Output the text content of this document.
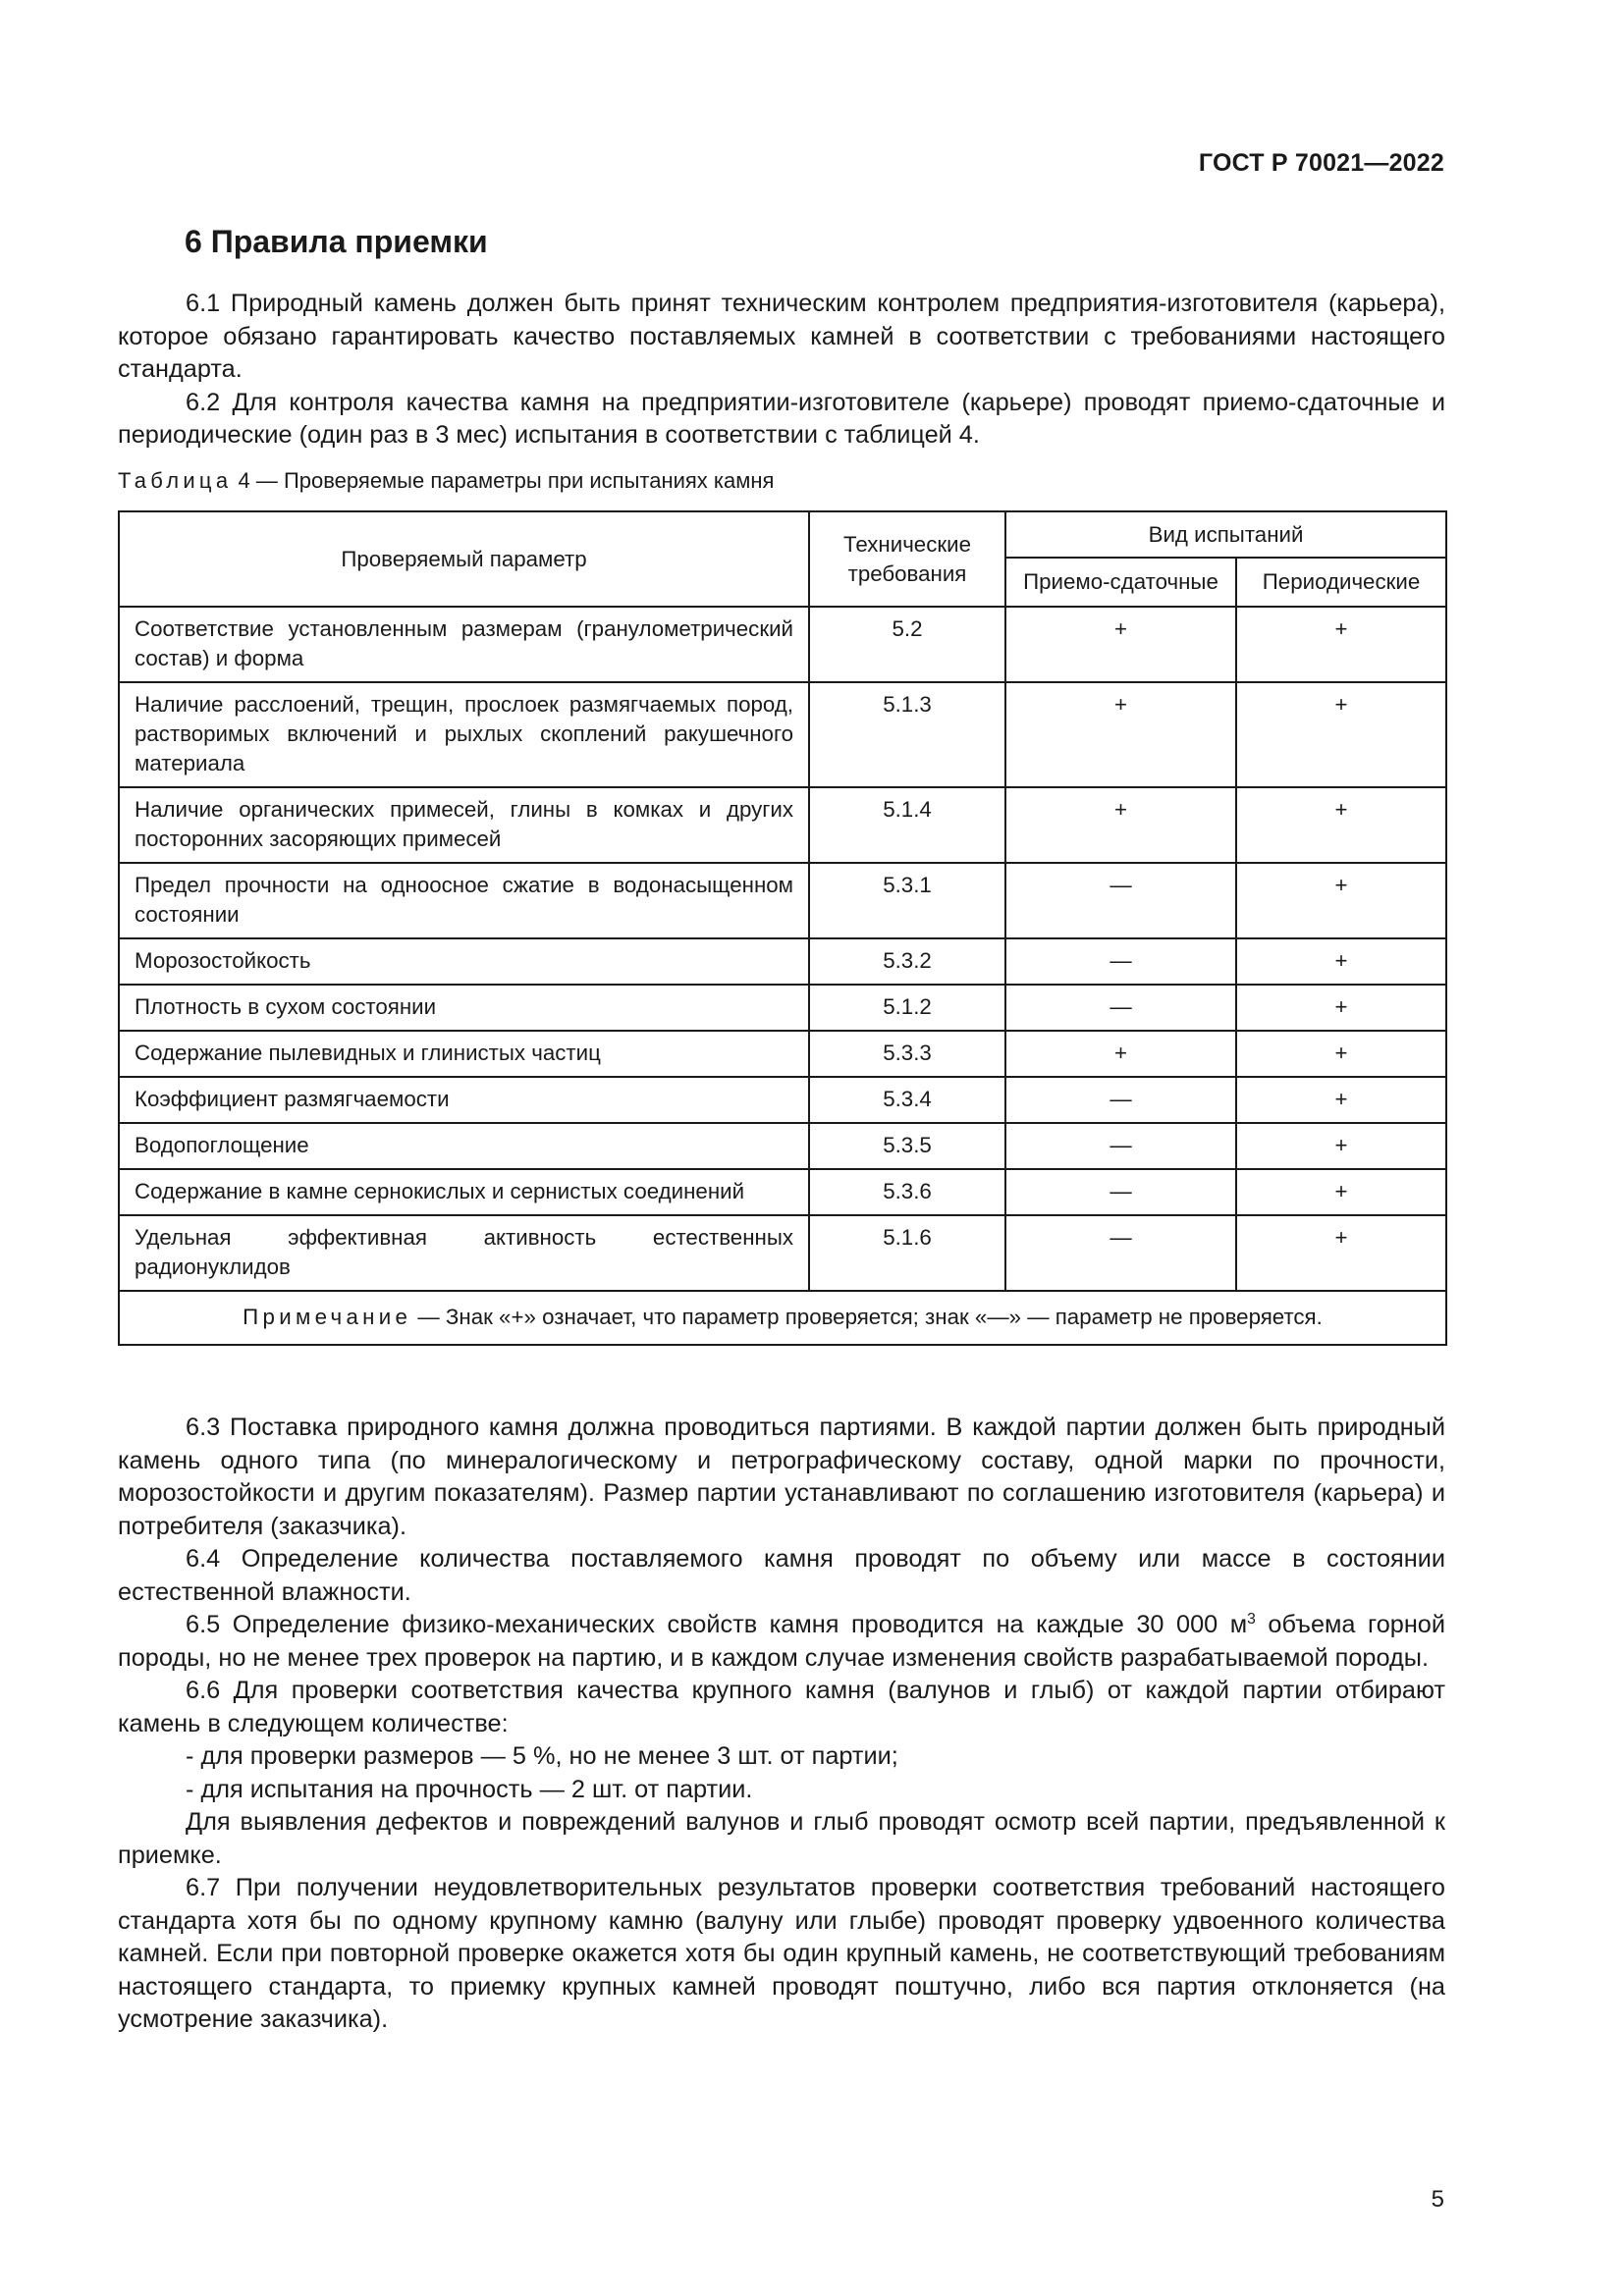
ГОСТ Р 70021—2022
6 Правила приемки

6.1 Природный камень должен быть принят техническим контролем предприятия-изготовителя (карьера), которое обязано гарантировать качество поставляемых камней в соответствии с требованиями настоящего стандарта.

6.2 Для контроля качества камня на предприятии-изготовителе (карьере) проводят приемо-сдаточные и периодические (один раз в 3 мес) испытания в соответствии с таблицей 4.

Таблица 4 — Проверяемые параметры при испытаниях камня
Проверяемый параметр	Технические требования	Вид испытаний	
		Приемо-сдаточные	Периодические
Соответствие установленным размерам (гранулометрический состав) и форма	5.2	+	+
Наличие расслоений, трещин, прослоек размягчаемых пород, растворимых включений и рыхлых скоплений ракушечного материала	5.1.3	+	+
Наличие органических примесей, глины в комках и других посторонних засоряющих примесей	5.1.4	+	+
Предел прочности на одноосное сжатие в водонасыщенном состоянии	5.3.1	—	+
Морозостойкость	5.3.2	—	+
Плотность в сухом состоянии	5.1.2	—	+
Содержание пылевидных и глинистых частиц	5.3.3	+	+
Коэффициент размягчаемости	5.3.4	—	+
Водопоглощение	5.3.5	—	+
Содержание в камне сернокислых и сернистых соединений	5.3.6	—	+
Удельная эффективная активность естественных радионуклидов	5.1.6	—	+
Примечание — Знак «+» означает, что параметр проверяется; знак «—» — параметр не проверяется.			

6.3 Поставка природного камня должна проводиться партиями. В каждой партии должен быть природный камень одного типа (по минералогическому и петрографическому составу, одной марки по прочности, морозостойкости и другим показателям). Размер партии устанавливают по соглашению изготовителя (карьера) и потребителя (заказчика).

6.4 Определение количества поставляемого камня проводят по объему или массе в состоянии естественной влажности.

6.5 Определение физико-механических свойств камня проводится на каждые 30 000 $м^3$ объема горной породы, но не менее трех проверок на партию, и в каждом случае изменения свойств разрабатываемой породы.

6.6 Для проверки соответствия качества крупного камня (валунов и глыб) от каждой партии отбирают камень в следующем количестве:

- для проверки размеров — 5 %, но не менее 3 шт. от партии;

- для испытания на прочность — 2 шт. от партии.

Для выявления дефектов и повреждений валунов и глыб проводят осмотр всей партии, предъявленной к приемке.

6.7 При получении неудовлетворительных результатов проверки соответствия требований настоящего стандарта хотя бы по одному крупному камню (валуну или глыбе) проводят проверку удвоенного количества камней. Если при повторной проверке окажется хотя бы один крупный камень, не соответствующий требованиям настоящего стандарта, то приемку крупных камней проводят поштучно, либо вся партия отклоняется (на усмотрение заказчика).

5
